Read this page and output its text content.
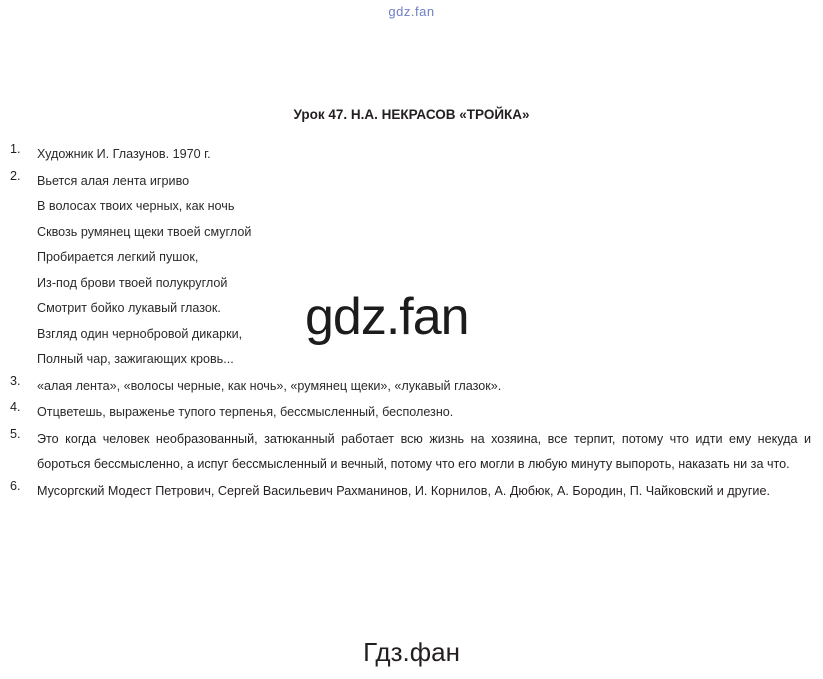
gdz.fan
Урок 47. Н.А. НЕКРАСОВ «ТРОЙКА»
1. Художник И. Глазунов. 1970 г.
2. Вьется алая лента игриво
В волосах твоих черных, как ночь
Сквозь румянец щеки твоей смуглой
Пробирается легкий пушок,
Из-под брови твоей полукруглой
Смотрит бойко лукавый глазок.
Взгляд один чернобровой дикарки,
Полный чар, зажигающих кровь...
3. «алая лента», «волосы черные, как ночь», «румянец щеки», «лукавый глазок».
4. Отцветешь, выраженье тупого терпенья, бессмысленный, бесполезно.
5. Это когда человек необразованный, затюканный работает всю жизнь на хозяина, все терпит, потому что идти ему некуда и бороться бессмысленно, а испуг бессмысленный и вечный, потому что его могли в любую минуту выпороть, наказать ни за что.
6. Мусоргский Модест Петрович, Сергей Васильевич Рахманинов, И. Корнилов, А. Дюбюк, А. Бородин, П. Чайковский и другие.
gdz.fan
Гдз.фан
